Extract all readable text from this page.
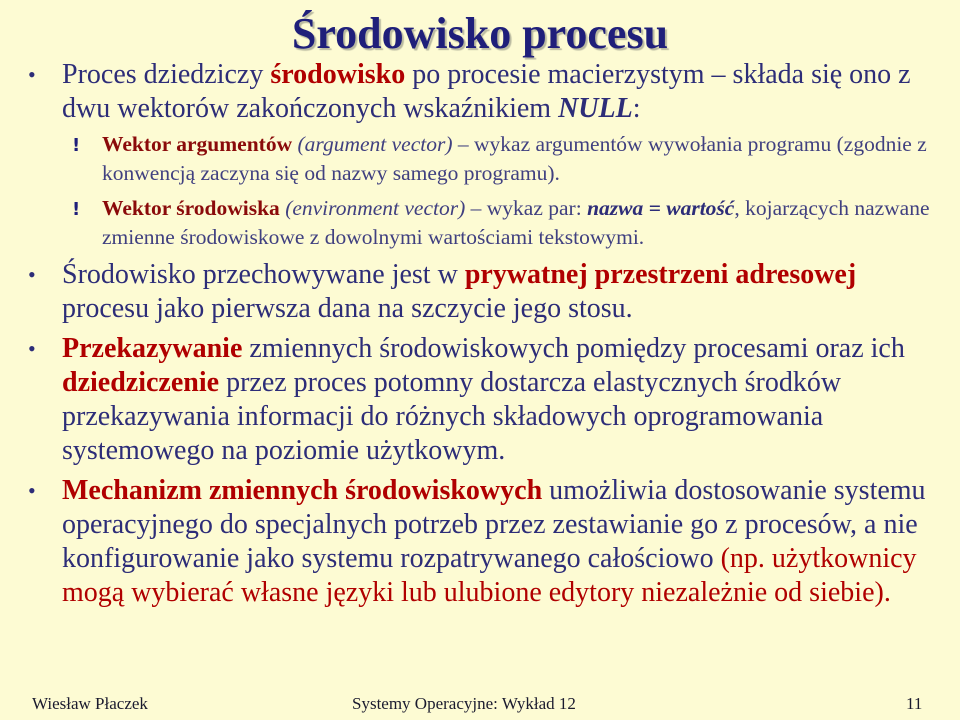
Środowisko procesu
• Proces dziedziczy środowisko po procesie macierzystym – składa się ono z dwu wektorów zakończonych wskaźnikiem NULL:
! Wektor argumentów (argument vector) – wykaz argumentów wywołania programu (zgodnie z konwencją zaczyna się od nazwy samego programu).
! Wektor środowiska (environment vector) – wykaz par: nazwa = wartość, kojarzących nazwane zmienne środowiskowe z dowolnymi wartościami tekstowymi.
• Środowisko przechowywane jest w prywatnej przestrzeni adresowej procesu jako pierwsza dana na szczycie jego stosu.
• Przekazywanie zmiennych środowiskowych pomiędzy procesami oraz ich dziedziczenie przez proces potomny dostarcza elastycznych środków przekazywania informacji do różnych składowych oprogramowania systemowego na poziomie użytkowym.
• Mechanizm zmiennych środowiskowych umożliwia dostosowanie systemu operacyjnego do specjalnych potrzeb przez zestawianie go z procesów, a nie konfigurowanie jako systemu rozpatrywanego całościowo (np. użytkownicy mogą wybierać własne języki lub ulubione edytory niezależnie od siebie).
Wiesław Płaczek	Systemy Operacyjne: Wykład 12	11
